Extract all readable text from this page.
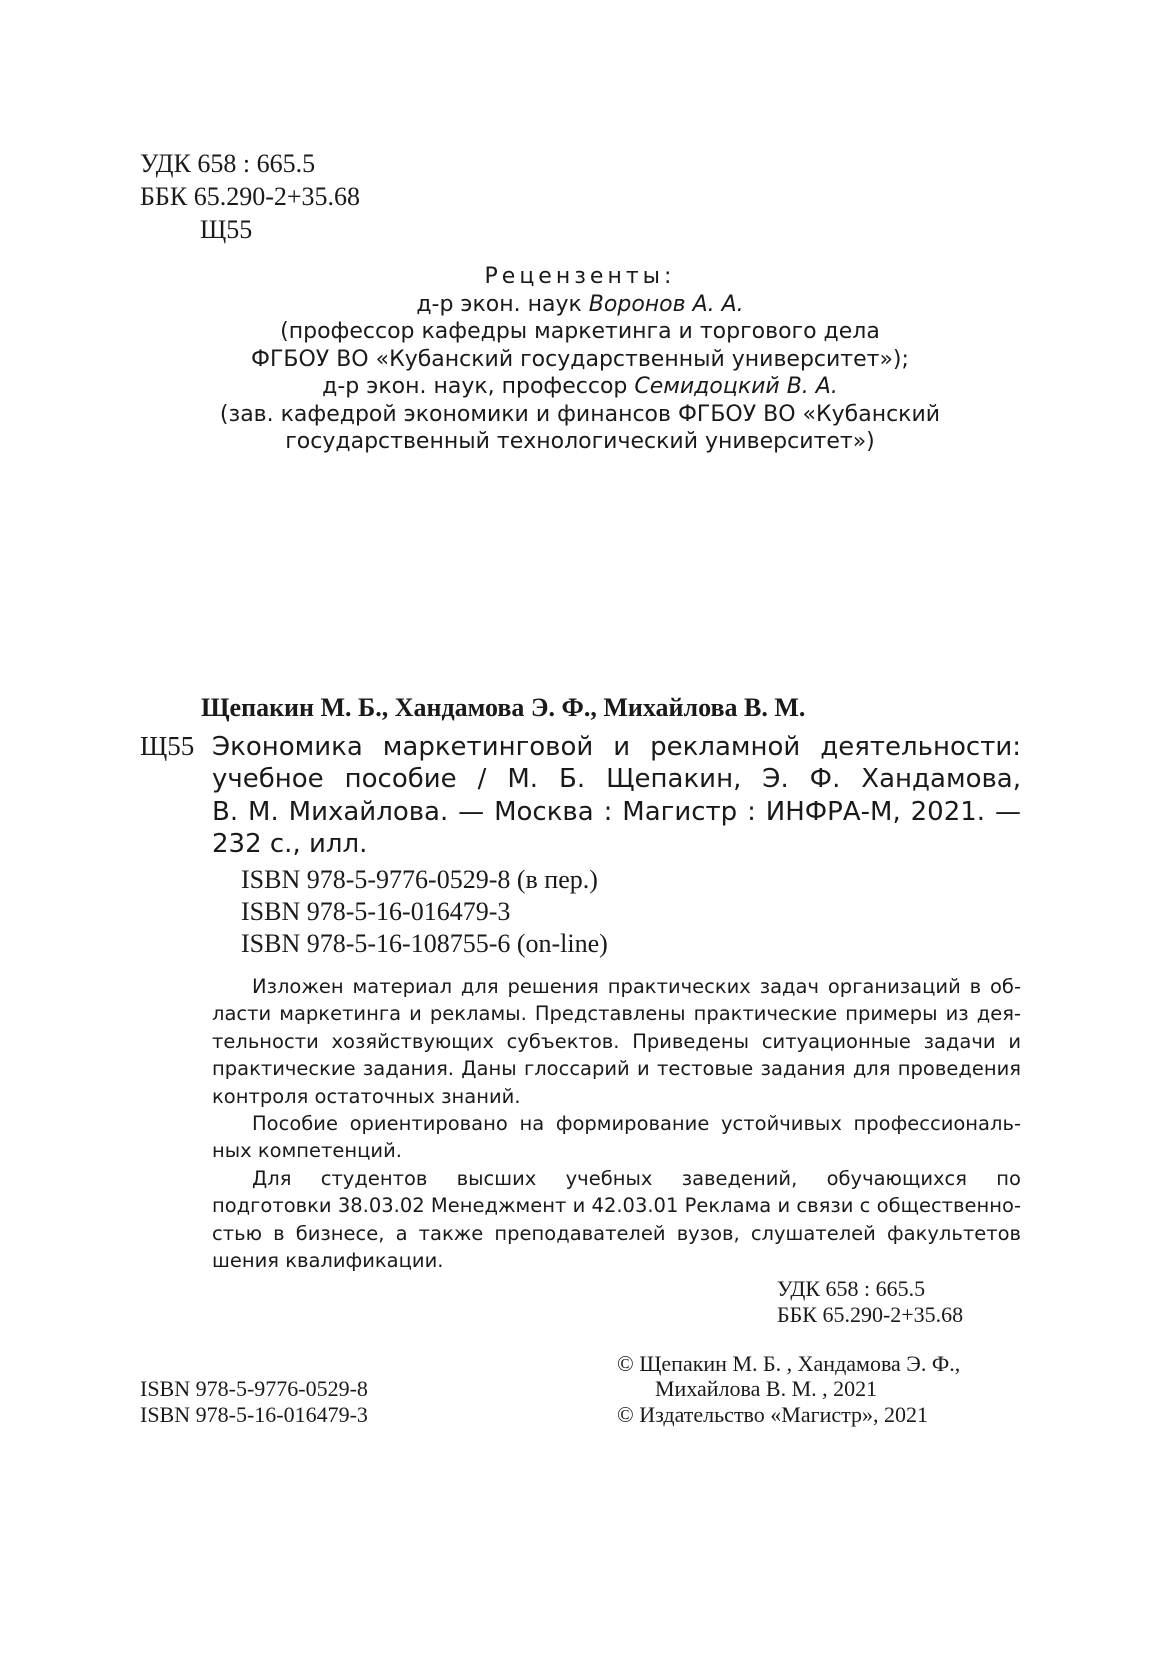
УДК 658 : 665.5
ББК 65.290-2+35.68
Щ55
Рецензенты:
д-р экон. наук Воронов А. А.
(профессор кафедры маркетинга и торгового дела
ФГБОУ ВО «Кубанский государственный университет»);
д-р экон. наук, профессор Семидоцкий В. А.
(зав. кафедрой экономики и финансов ФГБОУ ВО «Кубанский
государственный технологический университет»)
Щепакин М. Б., Хандамова Э. Ф., Михайлова В. М.
Щ55 Экономика маркетинговой и рекламной деятельности:
учебное пособие / М. Б. Щепакин, Э. Ф. Хандамова,
В. М. Михайлова. — Москва : Магистр : ИНФРА-М, 2021. —
232 с., илл.
ISBN 978-5-9776-0529-8 (в пер.)
ISBN 978-5-16-016479-3
ISBN 978-5-16-108755-6 (on-line)
Изложен материал для решения практических задач организаций в об-
ласти маркетинга и рекламы. Представлены практические примеры из дея-
тельности хозяйствующих субъектов. Приведены ситуационные задачи и
практические задания. Даны глоссарий и тестовые задания для проведения
контроля остаточных знаний.
Пособие ориентировано на формирование устойчивых профессиональ-
ных компетенций.
Для студентов высших учебных заведений, обучающихся по
подготовки 38.03.02 Менеджмент и 42.03.01 Реклама и связи с общественно-
стью в бизнесе, а также преподавателей вузов, слушателей факультетов
шения квалификации.
УДК 658 : 665.5
ББК 65.290-2+35.68
© Щепакин М. Б. , Хандамова Э. Ф.,
Михайлова В. М. , 2021
© Издательство «Магистр», 2021
ISBN 978-5-9776-0529-8
ISBN 978-5-16-016479-3
